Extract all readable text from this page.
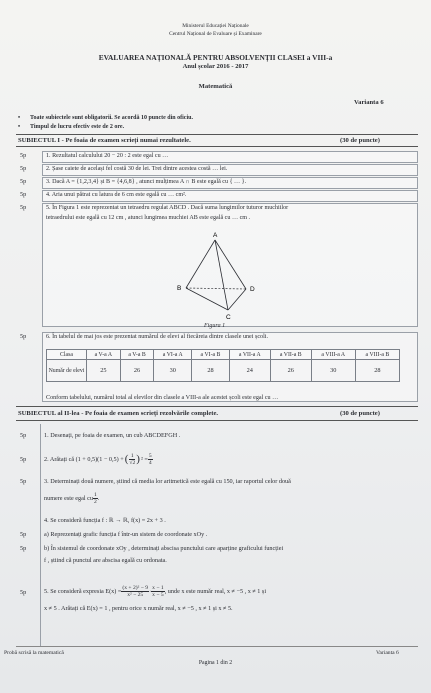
Ministerul Educației Naționale
Centrul Național de Evaluare și Examinare
EVALUAREA NAȚIONALĂ PENTRU ABSOLVENȚII CLASEI a VIII-a
Anul școlar 2016 - 2017
Matematică
Varianta 6
• Toate subiectele sunt obligatorii. Se acordă 10 puncte din oficiu.
• Timpul de lucru efectiv este de 2 ore.
SUBIECTUL I - Pe foaia de examen scrieți numai rezultatele.	(30 de puncte)
5p	1. Rezultatul calculului 20 − 20 : 2 este egal cu …
5p	2. Șase caiete de același fel costă 30 de lei. Trei dintre acestea costă … lei.
5p	3. Dacă A = {1,2,3,4} și B = {4,6,8} , atunci mulțimea A ∩ B este egală cu { … }.
5p	4. Aria unui pătrat cu latura de 6 cm este egală cu … cm².
5p	5. În Figura 1 este reprezentat un tetraedru regulat ABCD . Dacă suma lungimilor tuturor muchiilor
tetraedrului este egală cu 12 cm , atunci lungimea muchiei AB este egală cu … cm .
A
B	D
C
Figura 1
5p	6. În tabelul de mai jos este prezentat numărul de elevi al fiecăreia dintre clasele unei școli.
Clasa	a V-a A	a V-a B	a VI-a A	a VI-a B	a VII-a A	a VII-a B	a VIII-a A	a VIII-a B
Număr de elevi	25	26	30	28	24	26	30	28
Conform tabelului, numărul total al elevilor din clasele a VIII-a ale acestei școli este egal cu …
SUBIECTUL al II-lea - Pe foaia de examen scrieți rezolvările complete.	(30 de puncte)
5p	1. Desenați, pe foaia de examen, un cub ABCDEFGH .
5p	2. Arătați că (1 + 0,5)(1 − 0,5) + ( $\frac{1}{√2}$ ) $^2 = \frac{5}{4}$
5p	3. Determinați două numere, știind că media lor aritmetică este egală cu 150, iar raportul celor două
numere este egal cu $\frac{1}{2}$ .
4. Se consideră funcția f : ℝ → ℝ, f(x) = 2x + 3 .
5p	a) Reprezentați grafic funcția f într-un sistem de coordonate xOy .
5p	b) În sistemul de coordonate xOy , determinați abscisa punctului care aparține graficului funcției
f , știind că punctul are abscisa egală cu ordonata.
5p	5. Se consideră expresia $E(x) = \frac{\text{(x + 2)² − 9}}{\text{x² − 25}} \cdot \frac{x - 1}{x - 5}$ , unde x este număr real, x ≠ −5 , x ≠ 1 și
x ≠ 5 . Arătați că E(x) = 1 , pentru orice x număr real, x ≠ −5 , x ≠ 1 și x ≠ 5.
Probă scrisă la matematică	Varianta 6
Pagina 1 din 2
